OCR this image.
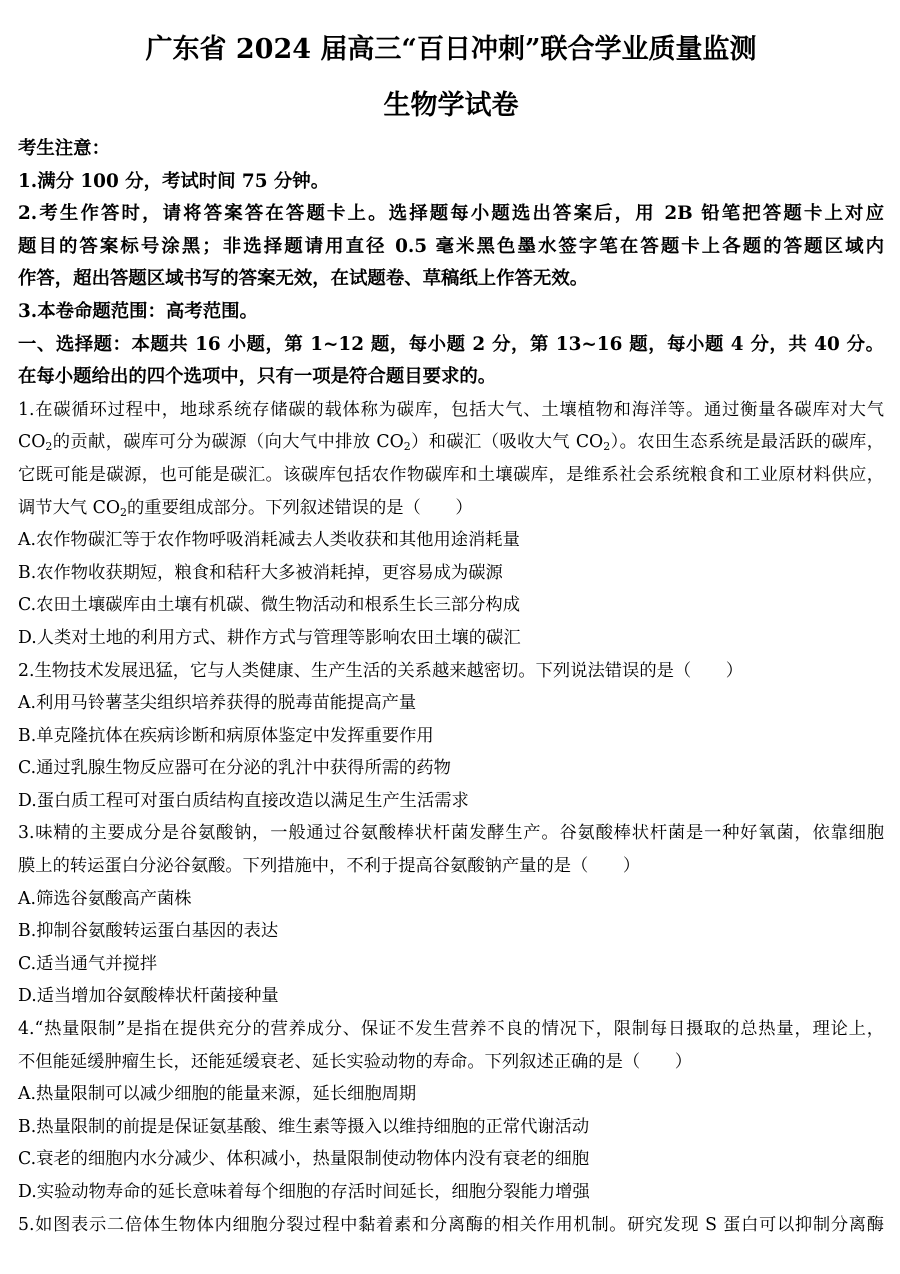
广东省 2024 届高三“百日冲刺”联合学业质量监测
生物学试卷
考生注意：
1.满分 100 分，考试时间 75 分钟。
2.考生作答时，请将答案答在答题卡上。选择题每小题选出答案后，用 2B 铅笔把答题卡上对应
题目的答案标号涂黑；非选择题请用直径 0.5 毫米黑色墨水签字笔在答题卡上各题的答题区域内
作答，超出答题区域书写的答案无效，在试题卷、草稿纸上作答无效。
3.本卷命题范围：高考范围。
一、选择题：本题共 16 小题，第 1~12 题，每小题 2 分，第 13~16 题，每小题 4 分，共 40 分。
在每小题给出的四个选项中，只有一项是符合题目要求的。
1.在碳循环过程中，地球系统存储碳的载体称为碳库，包括大气、土壤植物和海洋等。通过衡量各碳库对大气
$CO_2$的贡献，碳库可分为碳源（向大气中排放 $CO_2$）和碳汇（吸收大气 $CO_2$）。农田生态系统是最活跃的碳库，
它既可能是碳源，也可能是碳汇。该碳库包括农作物碳库和土壤碳库，是维系社会系统粮食和工业原材料供应，
调节大气 $CO_2$的重要组成部分。下列叙述错误的是（　　）
A.农作物碳汇等于农作物呼吸消耗减去人类收获和其他用途消耗量
B.农作物收获期短，粮食和秸秆大多被消耗掉，更容易成为碳源
C.农田土壤碳库由土壤有机碳、微生物活动和根系生长三部分构成
D.人类对土地的利用方式、耕作方式与管理等影响农田土壤的碳汇
2.生物技术发展迅猛，它与人类健康、生产生活的关系越来越密切。下列说法错误的是（　　）
A.利用马铃薯茎尖组织培养获得的脱毒苗能提高产量
B.单克隆抗体在疾病诊断和病原体鉴定中发挥重要作用
C.通过乳腺生物反应器可在分泌的乳汁中获得所需的药物
D.蛋白质工程可对蛋白质结构直接改造以满足生产生活需求
3.味精的主要成分是谷氨酸钠，一般通过谷氨酸棒状杆菌发酵生产。谷氨酸棒状杆菌是一种好氧菌，依靠细胞
膜上的转运蛋白分泌谷氨酸。下列措施中，不利于提高谷氨酸钠产量的是（　　）
A.筛选谷氨酸高产菌株
B.抑制谷氨酸转运蛋白基因的表达
C.适当通气并搅拌
D.适当增加谷氨酸棒状杆菌接种量
4.“热量限制”是指在提供充分的营养成分、保证不发生营养不良的情况下，限制每日摄取的总热量，理论上，
不但能延缓肿瘤生长，还能延缓衰老、延长实验动物的寿命。下列叙述正确的是（　　）
A.热量限制可以减少细胞的能量来源，延长细胞周期
B.热量限制的前提是保证氨基酸、维生素等摄入以维持细胞的正常代谢活动
C.衰老的细胞内水分减少、体积减小，热量限制使动物体内没有衰老的细胞
D.实验动物寿命的延长意味着每个细胞的存活时间延长，细胞分裂能力增强
5.如图表示二倍体生物体内细胞分裂过程中黏着素和分离酶的相关作用机制。研究发现 S 蛋白可以抑制分离酶
